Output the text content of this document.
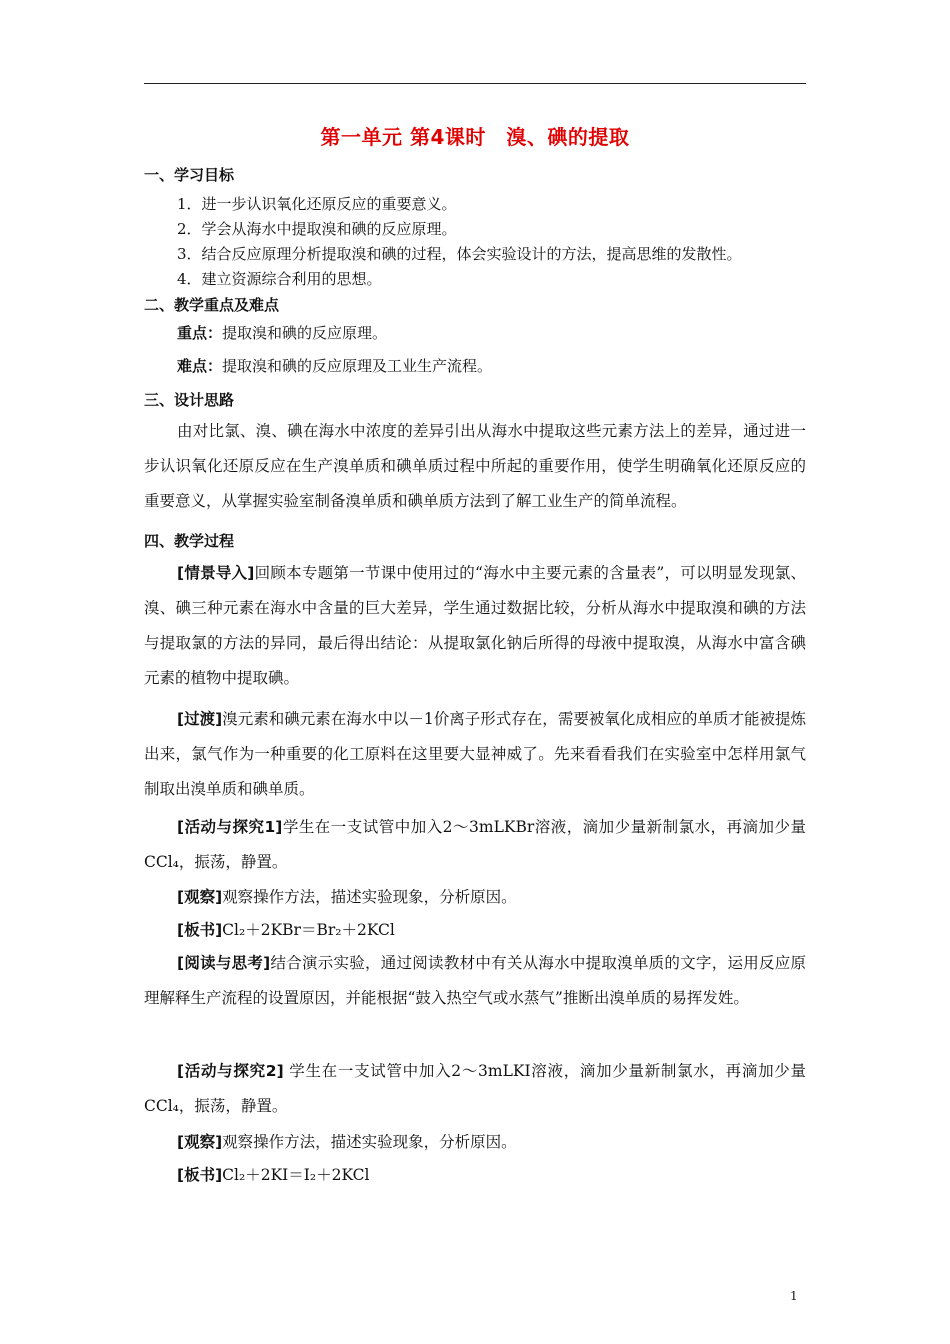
第一单元 第4课时　溴、碘的提取
一、学习目标
1．进一步认识氧化还原反应的重要意义。
2．学会从海水中提取溴和碘的反应原理。
3．结合反应原理分析提取溴和碘的过程，体会实验设计的方法，提高思维的发散性。
4．建立资源综合利用的思想。
二、教学重点及难点
重点：提取溴和碘的反应原理。
难点：提取溴和碘的反应原理及工业生产流程。
三、设计思路
由对比氯、溴、碘在海水中浓度的差异引出从海水中提取这些元素方法上的差异，通过进一步认识氧化还原反应在生产溴单质和碘单质过程中所起的重要作用，使学生明确氧化还原反应的重要意义，从掌握实验室制备溴单质和碘单质方法到了解工业生产的简单流程。
四、教学过程
[情景导入]回顾本专题第一节课中使用过的“海水中主要元素的含量表”，可以明显发现氯、溴、碘三种元素在海水中含量的巨大差异，学生通过数据比较，分析从海水中提取溴和碘的方法与提取氯的方法的异同，最后得出结论：从提取氯化钠后所得的母液中提取溴，从海水中富含碘元素的植物中提取碘。
[过渡]溴元素和碘元素在海水中以－1价离子形式存在，需要被氧化成相应的单质才能被提炼出来，氯气作为一种重要的化工原料在这里要大显神威了。先来看看我们在实验室中怎样用氯气制取出溴单质和碘单质。
[活动与探究1]学生在一支试管中加入2～3mLKBr溶液，滴加少量新制氯水，再滴加少量CCl₄，振荡，静置。
[观察]观察操作方法，描述实验现象，分析原因。
[板书]Cl₂＋2KBr＝Br₂＋2KCl
[阅读与思考]结合演示实验，通过阅读教材中有关从海水中提取溴单质的文字，运用反应原理解释生产流程的设置原因，并能根据“鼓入热空气或水蒸气”推断出溴单质的易挥发姓。
[活动与探究2] 学生在一支试管中加入2～3mLKI溶液，滴加少量新制氯水，再滴加少量CCl₄，振荡，静置。
[观察]观察操作方法，描述实验现象，分析原因。
[板书]Cl₂＋2KI＝I₂＋2KCl
1
